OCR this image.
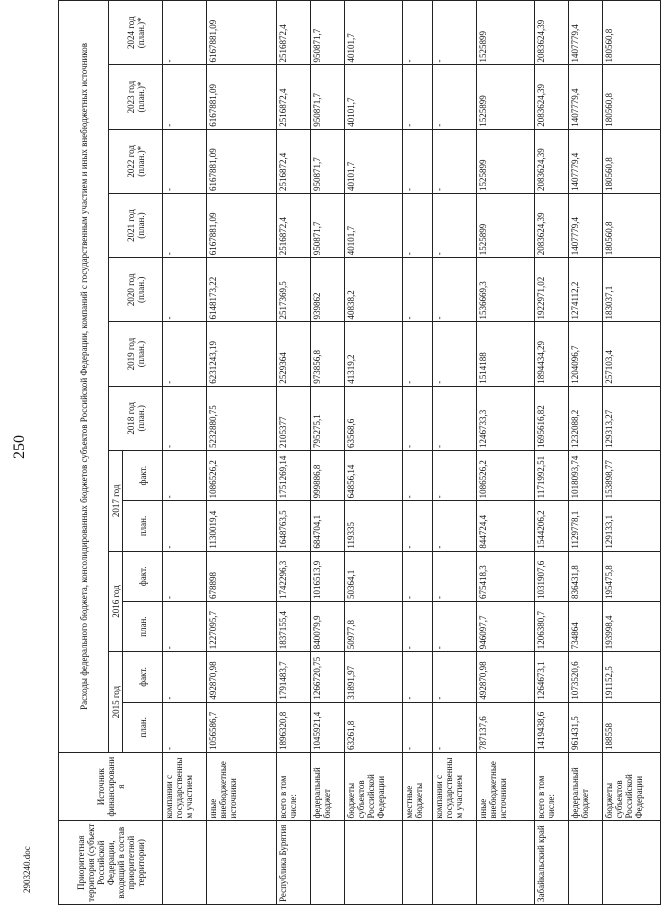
250
2903240.doc	Приоритетная территория (субъект Российской Федерации, входящий в состав приоритетной территории)	Источник финансирования	Расходы федерального бюджета, консолидированных бюджетов субъектов Российской Федерации, компаний с государственным участием и иных внебюджетных источников												
		2015 год		2016 год		2017 год		2018 год (план.)	2019 год (план.)	2020 год (план.)	2021 год (план.)	2022 год (план.)*	2023 год (план.)*	2024 год (план.)*
		план.	факт.	план.	факт.	план.	факт.							
	компании с государственным участием	-	-	-	-	-	-	-	-	-	-	-	-	-
	иные внебюджетные источники	1056586,7	492870,98	1227095,7	678898	1130019,4	1086526,2	5232880,75	6231243,19	6148173,22	6167881,09	6167881,09	6167881,09	6167881,09
Республика Бурятия	всего в том числе:	1896320,8	1791483,7	1837155,4	1742296,3	1648763,5	1751269,14	2105377	2529364	2517369,5	2516872,4	2516872,4	2516872,4	2516872,4
	федеральный бюджет	1045921,4	1266720,75	840079,9	1016513,9	684704,1	999886,8	795275,1	973856,8	939862	950871,7	950871,7	950871,7	950871,7
	бюджеты субъектов Российской Федерации	63261,8	31891,97	50977,8	50364,1	119335	64856,14	63568,6	41319,2	40838,2	40101,7	40101,7	40101,7	40101,7
	местные бюджеты	-	-	-	-	-	-	-	-	-	-	-	-	-
	компании с государственным участием	-	-	-	-	-	-	-	-	-	-	-	-	-
	иные внебюджетные источники	787137,6	492870,98	946097,7	675418,3	844724,4	1086526,2	1246733,3	1514188	1536669,3	1525899	1525899	1525899	1525899
Забайкальский край	всего в том числе:	1419438,6	1264673,1	1206380,7	1031907,6	1544206,2	1171992,51	1695616,82	1894434,29	1922971,02	2083624,39	2083624,39	2083624,39	2083624,39
	федеральный бюджет	961431,5	1073520,6	734864	836431,8	1129778,1	1018093,74	1232088,2	1204096,7	1274112,2	1407779,4	1407779,4	1407779,4	1407779,4
	бюджеты субъектов Российской Федерации	188558	191152,5	193998,4	195475,8	129133,1	153898,77	129313,27	257103,4	183037,1	180560,8	180560,8	180560,8	180560,8
